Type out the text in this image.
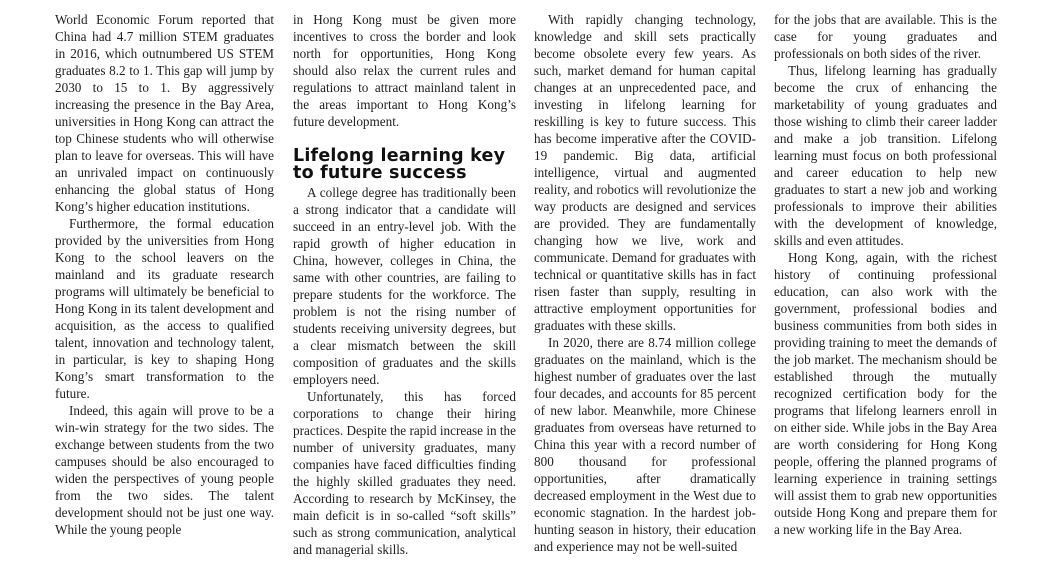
World Economic Forum reported that China had 4.7 million STEM graduates in 2016, which outnumbered US STEM graduates 8.2 to 1. This gap will jump by 2030 to 15 to 1. By aggressively increasing the presence in the Bay Area, universities in Hong Kong can attract the top Chinese students who will otherwise plan to leave for overseas. This will have an unrivaled impact on continuously enhancing the global status of Hong Kong’s higher education institutions.

Furthermore, the formal education provided by the universities from Hong Kong to the school leavers on the mainland and its graduate research programs will ultimately be beneficial to Hong Kong in its talent development and acquisition, as the access to qualified talent, innovation and technology talent, in particular, is key to shaping Hong Kong’s smart transformation to the future.

Indeed, this again will prove to be a win-win strategy for the two sides. The exchange between students from the two campuses should be also encouraged to widen the perspectives of young people from the two sides. The talent development should not be just one way. While the young people

in Hong Kong must be given more incentives to cross the border and look north for opportunities, Hong Kong should also relax the current rules and regulations to attract mainland talent in the areas important to Hong Kong’s future development.

Lifelong learning key to future success

A college degree has traditionally been a strong indicator that a candidate will succeed in an entry-level job. With the rapid growth of higher education in China, however, colleges in China, the same with other countries, are failing to prepare students for the workforce. The problem is not the rising number of students receiving university degrees, but a clear mismatch between the skill composition of graduates and the skills employers need.

Unfortunately, this has forced corporations to change their hiring practices. Despite the rapid increase in the number of university graduates, many companies have faced difficulties finding the highly skilled graduates they need. According to research by McKinsey, the main deficit is in so-called “soft skills” such as strong communication, analytical and managerial skills.

With rapidly changing technology, knowledge and skill sets practically become obsolete every few years. As such, market demand for human capital changes at an unprecedented pace, and investing in lifelong learning for reskilling is key to future success. This has become imperative after the COVID-19 pandemic. Big data, artificial intelligence, virtual and augmented reality, and robotics will revolutionize the way products are designed and services are provided. They are fundamentally changing how we live, work and communicate. Demand for graduates with technical or quantitative skills has in fact risen faster than supply, resulting in attractive employment opportunities for graduates with these skills.

In 2020, there are 8.74 million college graduates on the mainland, which is the highest number of graduates over the last four decades, and accounts for 85 percent of new labor. Meanwhile, more Chinese graduates from overseas have returned to China this year with a record number of 800 thousand for professional opportunities, after dramatically decreased employment in the West due to economic stagnation. In the hardest job-hunting season in history, their education and experience may not be well-suited

for the jobs that are available. This is the case for young graduates and professionals on both sides of the river.

Thus, lifelong learning has gradually become the crux of enhancing the marketability of young graduates and those wishing to climb their career ladder and make a job transition. Lifelong learning must focus on both professional and career education to help new graduates to start a new job and working professionals to improve their abilities with the development of knowledge, skills and even attitudes.

Hong Kong, again, with the richest history of continuing professional education, can also work with the government, professional bodies and business communities from both sides in providing training to meet the demands of the job market. The mechanism should be established through the mutually recognized certification body for the programs that lifelong learners enroll in on either side. While jobs in the Bay Area are worth considering for Hong Kong people, offering the planned programs of learning experience in training settings will assist them to grab new opportunities outside Hong Kong and prepare them for a new working life in the Bay Area.
